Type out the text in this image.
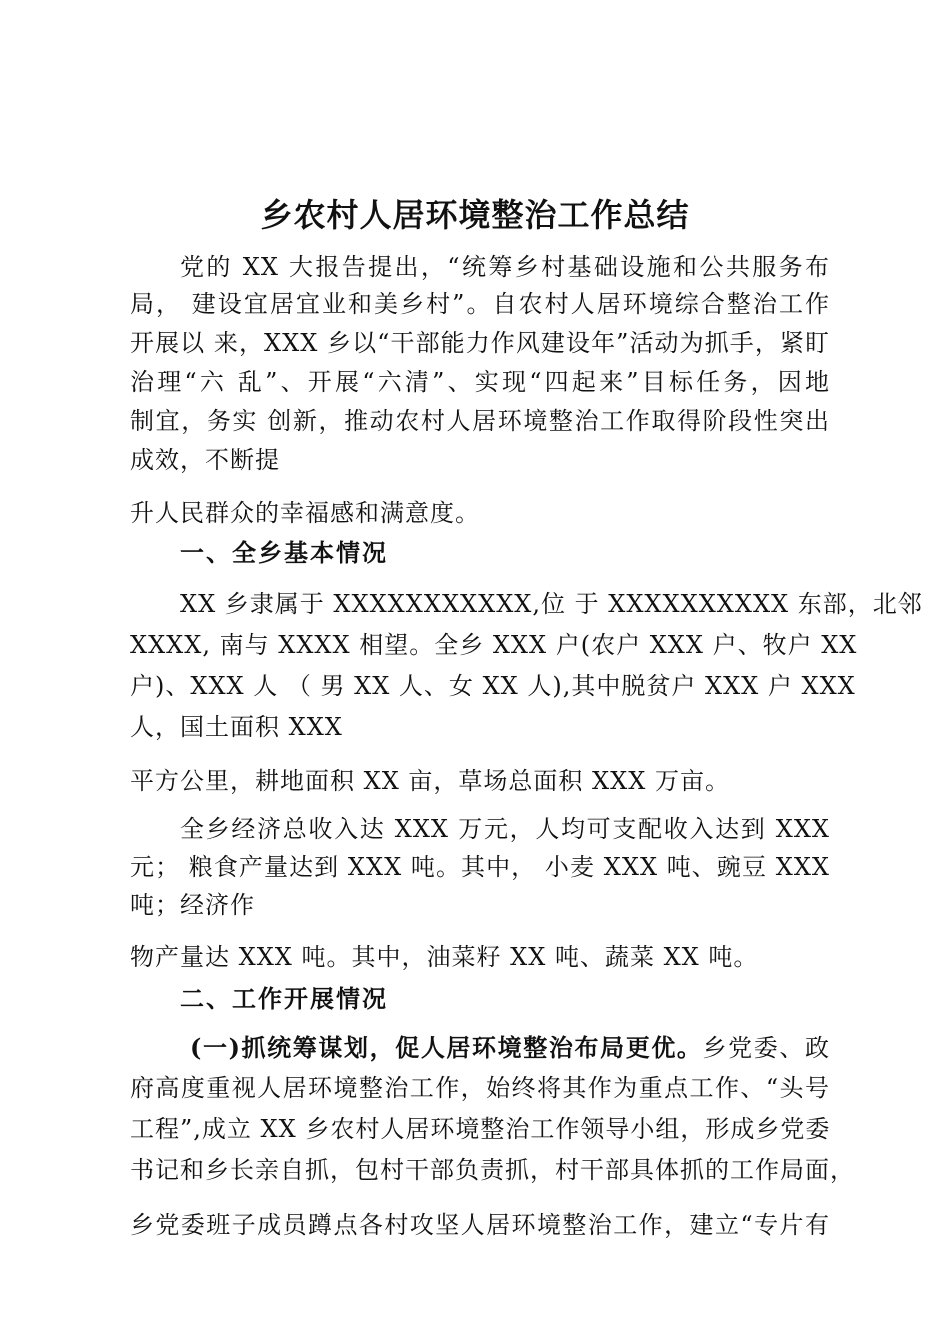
乡农村人居环境整治工作总结
党的 XX 大报告提出，“统筹乡村基础设施和公共服务布
局， 建设宜居宜业和美乡村”。自农村人居环境综合整治工作
开展以 来，XXX 乡以“干部能力作风建设年”活动为抓手，紧盯
治理“六 乱”、开展“六清”、实现“四起来”目标任务，因地
制宜，务实 创新，推动农村人居环境整治工作取得阶段性突出
成效，不断提
升人民群众的幸福感和满意度。
一、全乡基本情况
XX 乡隶属于 XXXXXXXXXXX,位 于 XXXXXXXXXX 东部，北邻
XXXX, 南与 XXXX 相望。全乡 XXX 户(农户 XXX 户、牧户 XX
户)、XXX 人 （ 男 XX 人、女 XX 人),其中脱贫户 XXX 户 XXX
人，国土面积 XXX
平方公里，耕地面积 XX 亩，草场总面积 XXX 万亩。
全乡经济总收入达 XXX 万元，人均可支配收入达到 XXX
元； 粮食产量达到 XXX 吨。其中， 小麦 XXX 吨、豌豆 XXX
吨；经济作
物产量达 XXX 吨。其中，油菜籽 XX 吨、蔬菜 XX 吨。
二、工作开展情况
(一)抓统筹谋划，促人居环境整治布局更优。乡党委、政
府高度重视人居环境整治工作，始终将其作为重点工作、“头号
工程”,成立 XX 乡农村人居环境整治工作领导小组，形成乡党委
书记和乡长亲自抓，包村干部负责抓，村干部具体抓的工作局面，
乡党委班子成员蹲点各村攻坚人居环境整治工作，建立“专片有
